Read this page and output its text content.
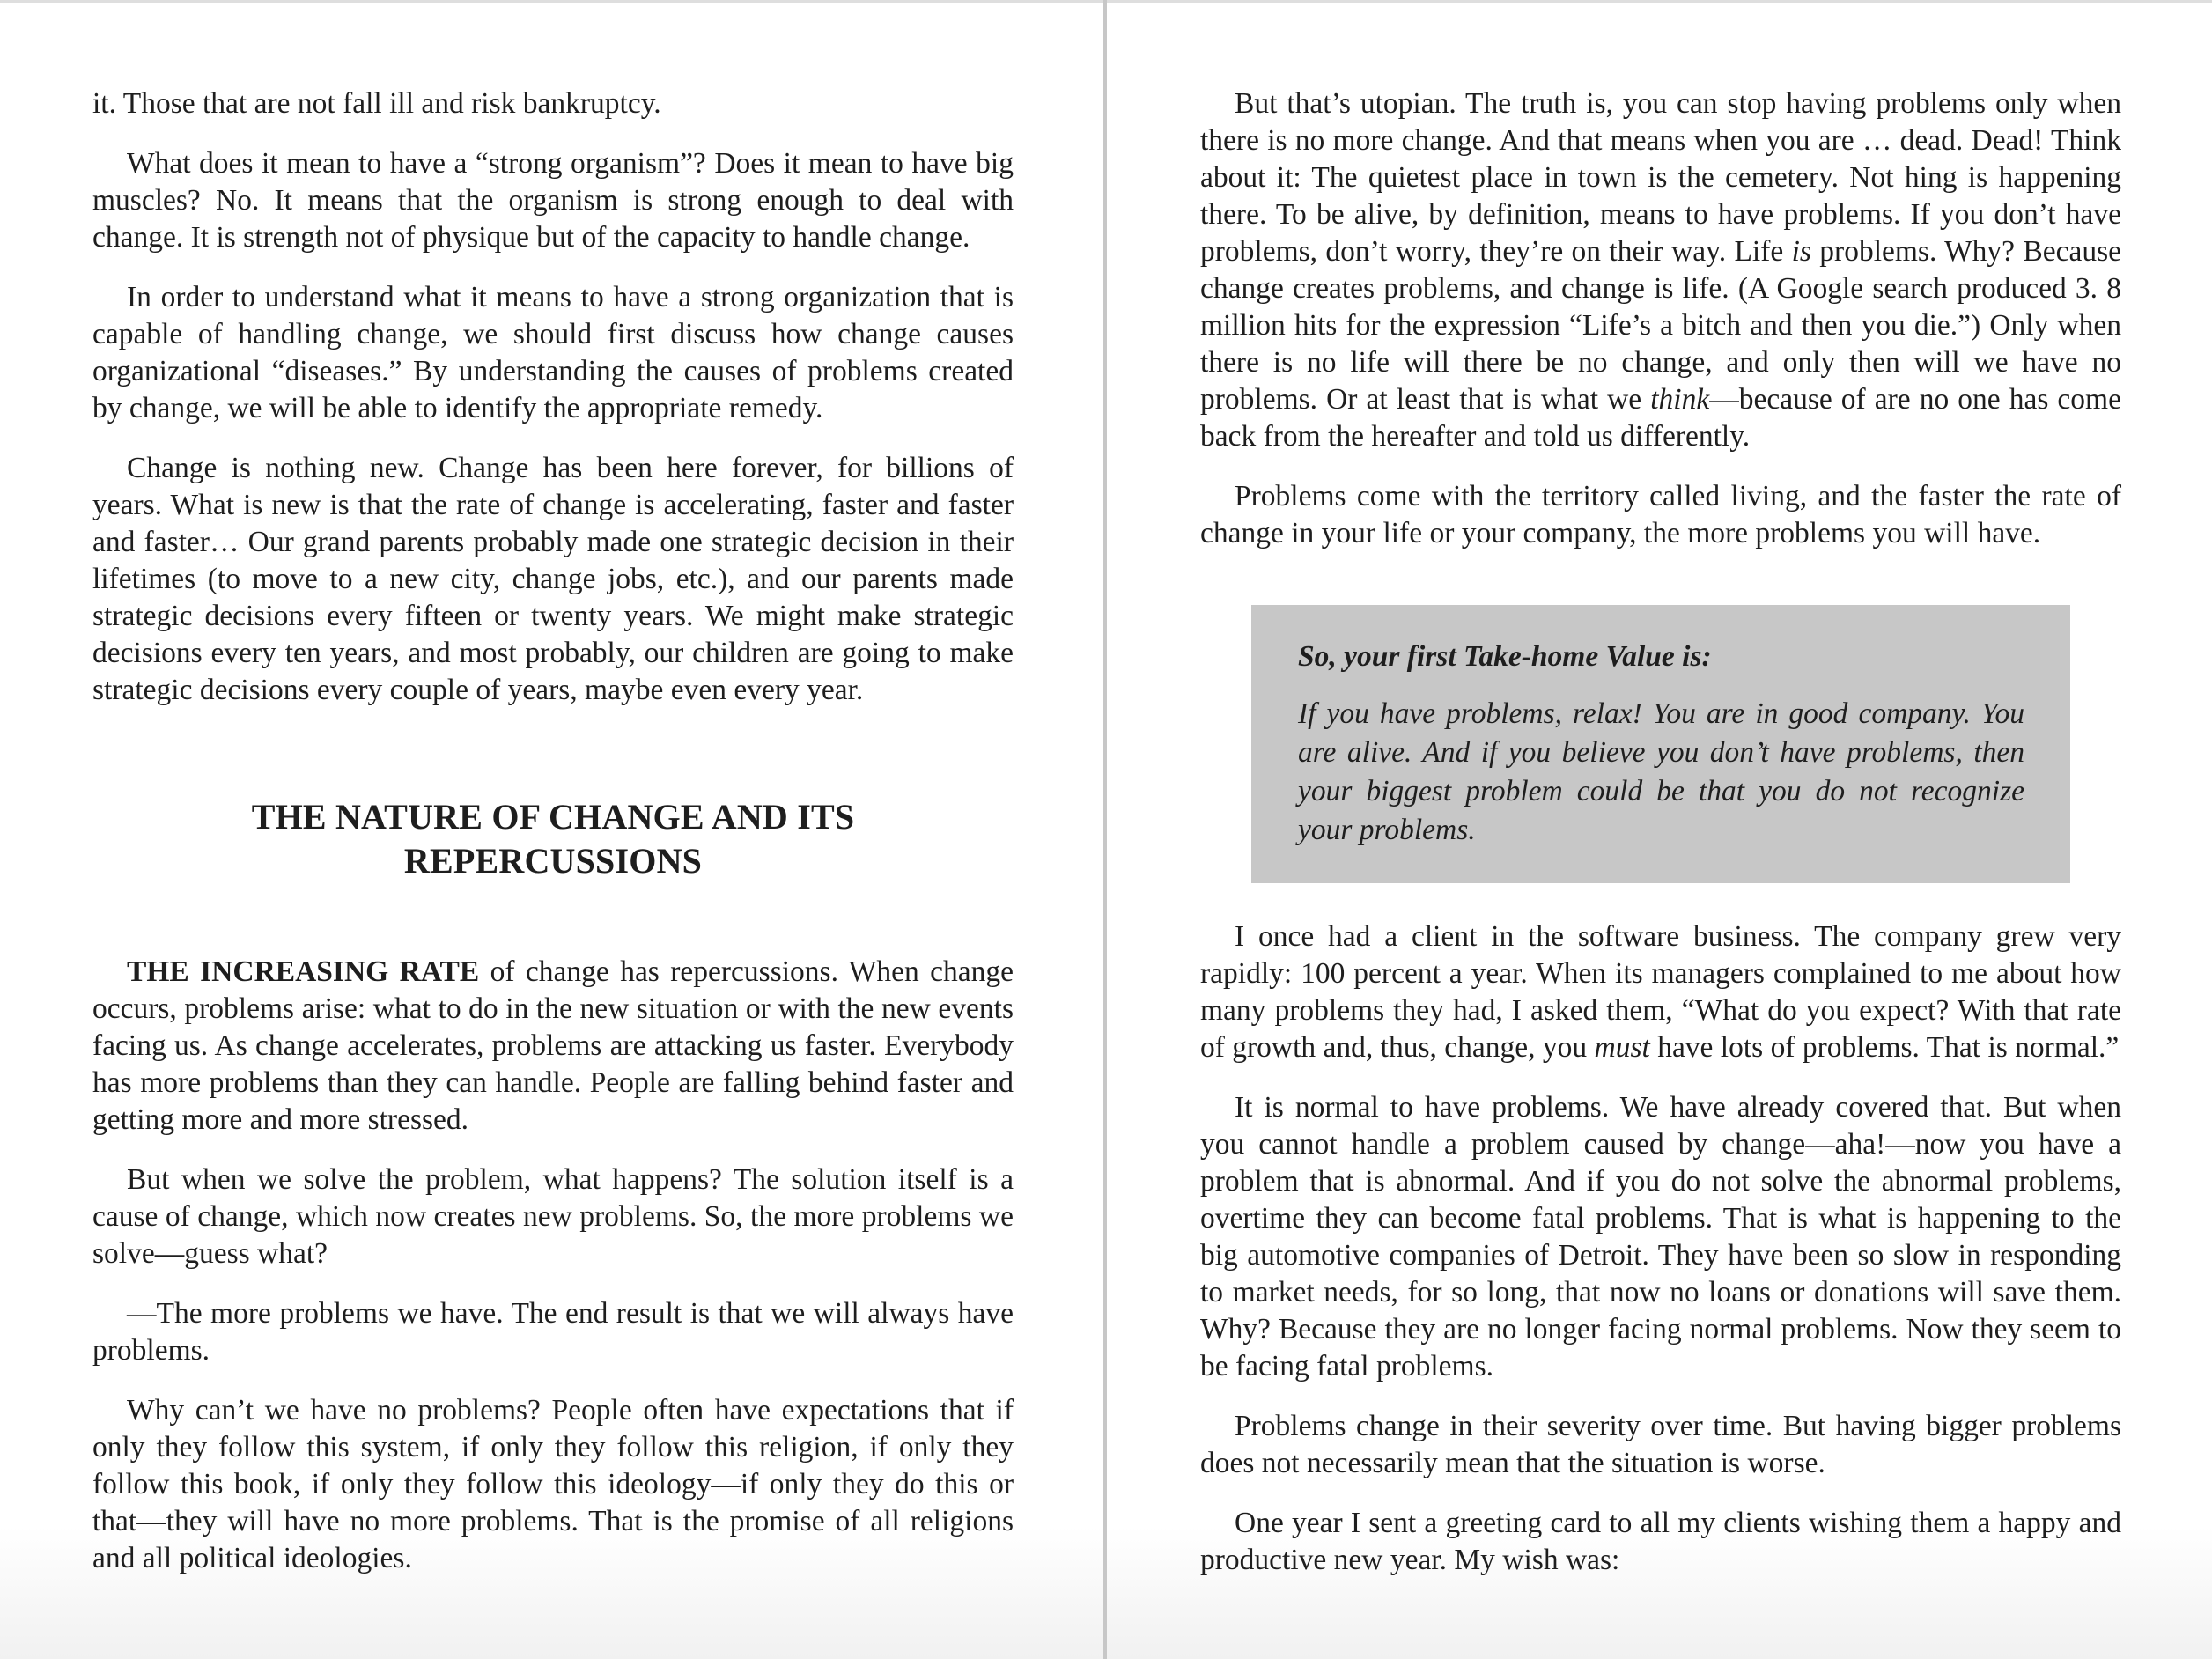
it. Those that are not fall ill and risk bankruptcy.

What does it mean to have a “strong organism”? Does it mean to have big muscles? No. It means that the organism is strong enough to deal with change. It is strength not of physique but of the capacity to handle change.

In order to understand what it means to have a strong organization that is capable of handling change, we should first discuss how change causes organizational “diseases.” By understanding the causes of problems created by change, we will be able to identify the appropriate remedy.

Change is nothing new. Change has been here forever, for billions of years. What is new is that the rate of change is accelerating, faster and faster and faster… Our grand parents probably made one strategic decision in their lifetimes (to move to a new city, change jobs, etc.), and our parents made strategic decisions every fifteen or twenty years. We might make strategic decisions every ten years, and most probably, our children are going to make strategic decisions every couple of years, maybe even every year.

THE NATURE OF CHANGE AND ITS
REPERCUSSIONS

THE INCREASING RATE of change has repercussions. When change occurs, problems arise: what to do in the new situation or with the new events facing us. As change accelerates, problems are attacking us faster. Everybody has more problems than they can handle. People are falling behind faster and getting more and more stressed.

But when we solve the problem, what happens? The solution itself is a cause of change, which now creates new problems. So, the more problems we solve—guess what?

—The more problems we have. The end result is that we will always have problems.

Why can’t we have no problems? People often have expectations that if only they follow this system, if only they follow this religion, if only they follow this book, if only they follow this ideology—if only they do this or that—they will have no more problems. That is the promise of all religions and all political ideologies.

But that’s utopian. The truth is, you can stop having problems only when there is no more change. And that means when you are … dead. Dead! Think about it: The quietest place in town is the cemetery. Not hing is happening there. To be alive, by definition, means to have problems. If you don’t have problems, don’t worry, they’re on their way. Life is problems. Why? Because change creates problems, and change is life. (A Google search produced 3. 8 million hits for the expression “Life’s a bitch and then you die.”) Only when there is no life will there be no change, and only then will we have no problems. Or at least that is what we think—because of are no one has come back from the hereafter and told us differently.

Problems come with the territory called living, and the faster the rate of change in your life or your company, the more problems you will have.

So, your first Take-home Value is:

If you have problems, relax! You are in good company. You are alive. And if you believe you don’t have problems, then your biggest problem could be that you do not recognize your problems.

I once had a client in the software business. The company grew very rapidly: 100 percent a year. When its managers complained to me about how many problems they had, I asked them, “What do you expect? With that rate of growth and, thus, change, you must have lots of problems. That is normal.”

It is normal to have problems. We have already covered that. But when you cannot handle a problem caused by change—aha!—now you have a problem that is abnormal. And if you do not solve the abnormal problems, overtime they can become fatal problems. That is what is happening to the big automotive companies of Detroit. They have been so slow in responding to market needs, for so long, that now no loans or donations will save them. Why? Because they are no longer facing normal problems. Now they seem to be facing fatal problems.

Problems change in their severity over time. But having bigger problems does not necessarily mean that the situation is worse.

One year I sent a greeting card to all my clients wishing them a happy and productive new year. My wish was:
